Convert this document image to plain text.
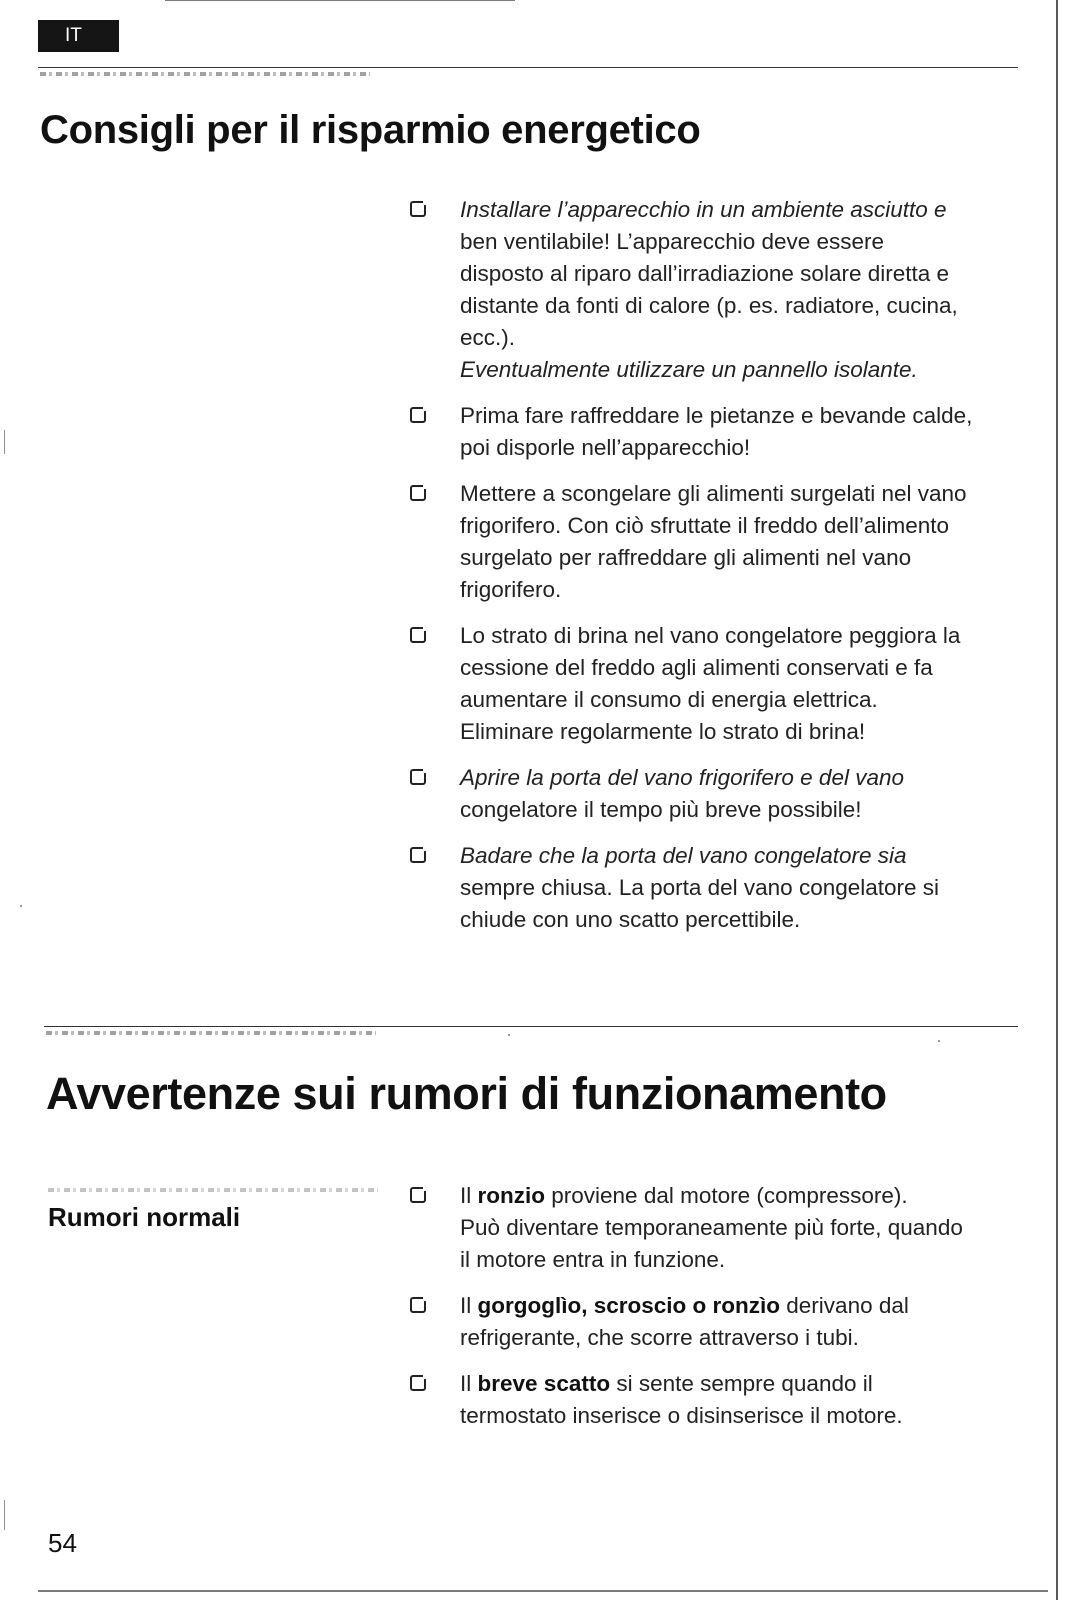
IT
Consigli per il risparmio energetico
Installare l’apparecchio in un ambiente asciutto e
ben ventilabile! L’apparecchio deve essere
disposto al riparo dall’irradiazione solare diretta e
distante da fonti di calore (p. es. radiatore, cucina,
ecc.).
Eventualmente utilizzare un pannello isolante.
Prima fare raffreddare le pietanze e bevande calde,
poi disporle nell’apparecchio!
Mettere a scongelare gli alimenti surgelati nel vano
frigorifero. Con ciò sfruttate il freddo dell’alimento
surgelato per raffreddare gli alimenti nel vano
frigorifero.
Lo strato di brina nel vano congelatore peggiora la
cessione del freddo agli alimenti conservati e fa
aumentare il consumo di energia elettrica.
Eliminare regolarmente lo strato di brina!
Aprire la porta del vano frigorifero e del vano
congelatore il tempo più breve possibile!
Badare che la porta del vano congelatore sia
sempre chiusa. La porta del vano congelatore si
chiude con uno scatto percettibile.
Avvertenze sui rumori di funzionamento
Rumori normali
Il ronzio proviene dal motore (compressore).
Può diventare temporaneamente più forte, quando
il motore entra in funzione.
Il gorgoglìo, scroscio o ronzìo derivano dal
refrigerante, che scorre attraverso i tubi.
Il breve scatto si sente sempre quando il
termostato inserisce o disinserisce il motore.
54
